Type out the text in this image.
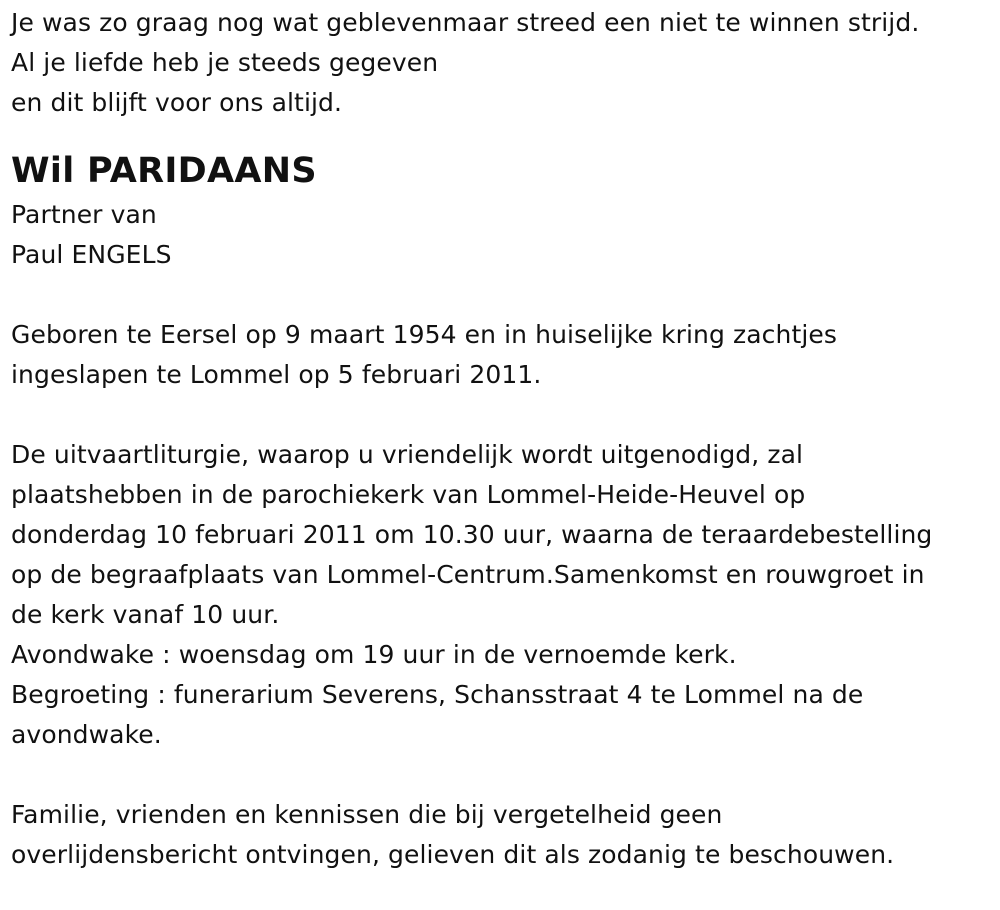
Je was zo graag nog wat geblevenmaar streed een niet te winnen strijd.
Al je liefde heb je steeds gegeven
en dit blijft voor ons altijd.
Wil PARIDAANS
Partner van
Paul ENGELS
Geboren te Eersel op 9 maart 1954 en in huiselijke kring zachtjes
ingeslapen te Lommel op 5 februari 2011.
De uitvaartliturgie, waarop u vriendelijk wordt uitgenodigd, zal
plaatshebben in de parochiekerk van Lommel-Heide-Heuvel op
donderdag 10 februari 2011 om 10.30 uur, waarna de teraardebestelling
op de begraafplaats van Lommel-Centrum.Samenkomst en rouwgroet in
de kerk vanaf 10 uur.
Avondwake : woensdag om 19 uur in de vernoemde kerk.
Begroeting : funerarium Severens, Schansstraat 4 te Lommel na de
avondwake.
Familie, vrienden en kennissen die bij vergetelheid geen
overlijdensbericht ontvingen, gelieven dit als zodanig te beschouwen.
